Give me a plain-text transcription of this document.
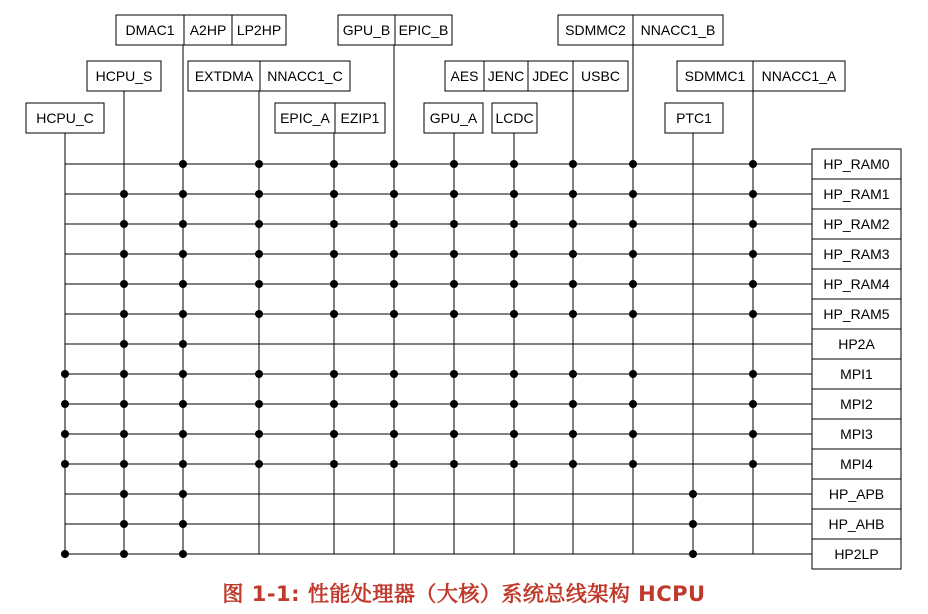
HCPU_C
HCPU_S
DMAC1 A2HP LP2HP
EXTDMA NNACC1_C
EPIC_A EZIP1
GPU_B EPIC_B
GPU_A
AES JENC
LCDC
JDEC USBC
SDMMC2 NNACC1_B
PTC1
SDMMC1 NNACC1_A
HP_RAM0
HP_RAM1
HP_RAM2
HP_RAM3
HP_RAM4
HP_RAM5
HP2A
MPI1
MPI2
MPI3
MPI4
HP_APB
HP_AHB
HP2LP
图 1-1: 性能处理器（大核）系统总线架构 HCPU
